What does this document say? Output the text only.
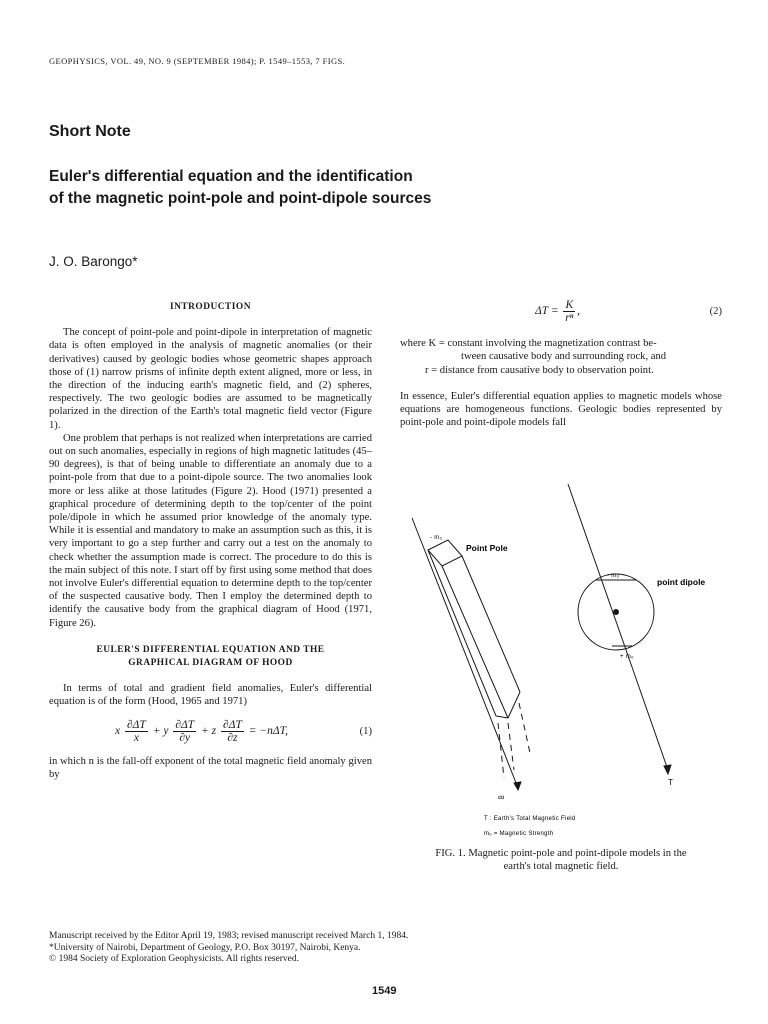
GEOPHYSICS, VOL. 49, NO. 9 (SEPTEMBER 1984); P. 1549–1553, 7 FIGS.
Short Note
Euler's differential equation and the identification
of the magnetic point-pole and point-dipole sources
J. O. Barongo*
INTRODUCTION

The concept of point-pole and point-dipole in interpretation of magnetic data is often employed in the analysis of magnetic anomalies (or their derivatives) caused by geologic bodies whose geometric shapes approach those of (1) narrow prisms of infinite depth extent aligned, more or less, in the direction of the inducing earth's magnetic field, and (2) spheres, respectively. The two geologic bodies are assumed to be magnetically polarized in the direction of the Earth's total magnetic field vector (Figure 1).

One problem that perhaps is not realized when interpretations are carried out on such anomalies, especially in regions of high magnetic latitudes (45–90 degrees), is that of being unable to differentiate an anomaly due to a point-pole from that due to a point-dipole source. The two anomalies look more or less alike at those latitudes (Figure 2). Hood (1971) presented a graphical procedure of determining depth to the top/center of the point pole/dipole in which he assumed prior knowledge of the anomaly type. While it is essential and mandatory to make an assumption such as this, it is very important to go a step further and carry out a test on the anomaly to check whether the assumption made is correct. The procedure to do this is the main subject of this note. I start off by first using some method that does not involve Euler's differential equation to determine depth to the top/center of the suspected causative body. Then I employ the determined depth to identify the causative body from the graphical diagram of Hood (1971, Figure 26).

EULER'S DIFFERENTIAL EQUATION AND THE
GRAPHICAL DIAGRAM OF HOOD

In terms of total and gradient field anomalies, Euler's differential equation is of the form (Hood, 1965 and 1971)

x $\frac{\partial\Delta T}{x} + y \frac{\partial\Delta T}{\partial y} + z \frac{\partial\Delta T}{\partial z} = -n\Delta T$,	(1)

in which n is the fall-off exponent of the total magnetic field anomaly given by

$\Delta T = \frac{K}{\text{rⁿ}}$ ,	(2)
where K = constant involving the magnetization contrast be-
tween causative body and surrounding rock, and
r = distance from causative body to observation point.

In essence, Euler's differential equation applies to magnetic models whose equations are homogeneous functions. Geologic bodies represented by point-pole and point-dipole models fall

Point Pole
point dipole
- mₒ
- mₒ
+ mₒ
T
∞
T
T : Earth's Total Magnetic Field
mₒ = Magnetic Strength
FIG. 1. Magnetic point-pole and point-dipole models in the
earth's total magnetic field.
Manuscript received by the Editor April 19, 1983; revised manuscript received March 1, 1984.
*University of Nairobi, Department of Geology, P.O. Box 30197, Nairobi, Kenya.
© 1984 Society of Exploration Geophysicists. All rights reserved.
1549
